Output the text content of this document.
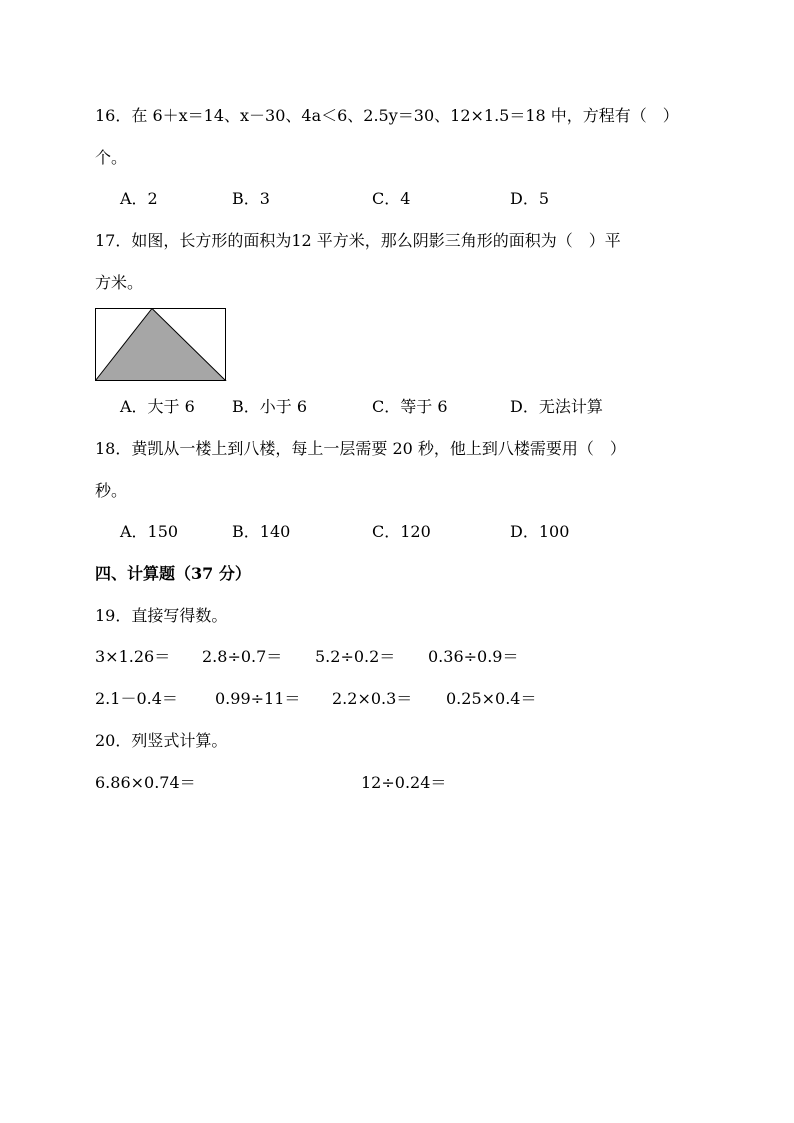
16．在 6＋x＝14、x－30、4a＜6、2.5y＝30、12×1.5＝18 中，方程有（　）
个。
A．2	B．3	C．4	D．5
17．如图，长方形的面积为12 平方米，那么阴影三角形的面积为（　）平
方米。
A．大于 6 B．小于 6	C．等于 6	D．无法计算
18．黄凯从一楼上到八楼，每上一层需要 20 秒，他上到八楼需要用（　）
秒。
A．150	B．140	C．120	D．100
四、计算题（37 分）
19．直接写得数。
3×1.26＝ 2.8÷0.7＝ 5.2÷0.2＝ 0.36÷0.9＝
2.1－0.4＝ 0.99÷11＝ 2.2×0.3＝ 0.25×0.4＝
20．列竖式计算。
6.86×0.74＝	12÷0.24＝
